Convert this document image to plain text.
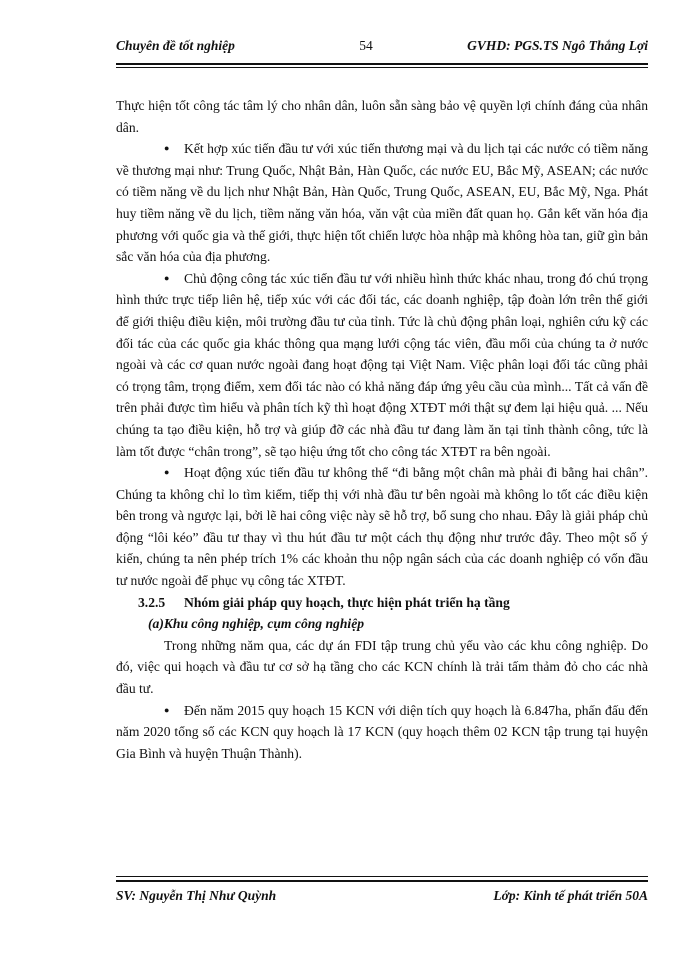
Chuyên đề tốt nghiệp	54	GVHD: PGS.TS Ngô Thắng Lợi

Thực hiện tốt công tác tâm lý cho nhân dân, luôn sẵn sàng bảo vệ quyền lợi chính đáng của nhân dân.

● Kết hợp xúc tiến đầu tư với xúc tiến thương mại và du lịch tại các nước có tiềm năng về thương mại như: Trung Quốc, Nhật Bản, Hàn Quốc, các nước EU, Bắc Mỹ, ASEAN; các nước có tiềm năng về du lịch như Nhật Bản, Hàn Quốc, Trung Quốc, ASEAN, EU, Bắc Mỹ, Nga. Phát huy tiềm năng về du lịch, tiềm năng văn hóa, văn vật của miền đất quan họ. Gắn kết văn hóa địa phương với quốc gia và thế giới, thực hiện tốt chiến lược hòa nhập mà không hòa tan, giữ gìn bản sắc văn hóa của địa phương.

● Chủ động công tác xúc tiến đầu tư với nhiều hình thức khác nhau, trong đó chú trọng hình thức trực tiếp liên hệ, tiếp xúc với các đối tác, các doanh nghiệp, tập đoàn lớn trên thế giới để giới thiệu điều kiện, môi trường đầu tư của tỉnh. Tức là chủ động phân loại, nghiên cứu kỹ các đối tác của các quốc gia khác thông qua mạng lưới cộng tác viên, đầu mối của chúng ta ở nước ngoài và các cơ quan nước ngoài đang hoạt động tại Việt Nam. Việc phân loại đối tác cũng phải có trọng tâm, trọng điểm, xem đối tác nào có khả năng đáp ứng yêu cầu của mình... Tất cả vấn đề trên phải được tìm hiểu và phân tích kỹ thì hoạt động XTĐT mới thật sự đem lại hiệu quả. ... Nếu chúng ta tạo điều kiện, hỗ trợ và giúp đỡ các nhà đầu tư đang làm ăn tại tỉnh thành công, tức là làm tốt được “chân trong”, sẽ tạo hiệu ứng tốt cho công tác XTĐT ra bên ngoài.

● Hoạt động xúc tiến đầu tư không thể “đi bằng một chân mà phải đi bằng hai chân”. Chúng ta không chỉ lo tìm kiếm, tiếp thị với nhà đầu tư bên ngoài mà không lo tốt các điều kiện bên trong và ngược lại, bởi lẽ hai công việc này sẽ hỗ trợ, bổ sung cho nhau. Đây là giải pháp chủ động “lôi kéo” đầu tư thay vì thu hút đầu tư một cách thụ động như trước đây. Theo một số ý kiến, chúng ta nên phép trích 1% các khoản thu nộp ngân sách của các doanh nghiệp có vốn đầu tư nước ngoài để phục vụ công tác XTĐT.

3.2.5 Nhóm giải pháp quy hoạch, thực hiện phát triển hạ tầng

(a)Khu công nghiệp, cụm công nghiệp

Trong những năm qua, các dự án FDI tập trung chủ yếu vào các khu công nghiệp. Do đó, việc qui hoạch và đầu tư cơ sở hạ tầng cho các KCN chính là trải tấm thảm đỏ cho các nhà đầu tư.

● Đến năm 2015 quy hoạch 15 KCN với diện tích quy hoạch là 6.847ha, phấn đấu đến năm 2020 tổng số các KCN quy hoạch là 17 KCN (quy hoạch thêm 02 KCN tập trung tại huyện Gia Bình và huyện Thuận Thành).

SV: Nguyễn Thị Như Quỳnh	Lớp: Kinh tế phát triển 50A
